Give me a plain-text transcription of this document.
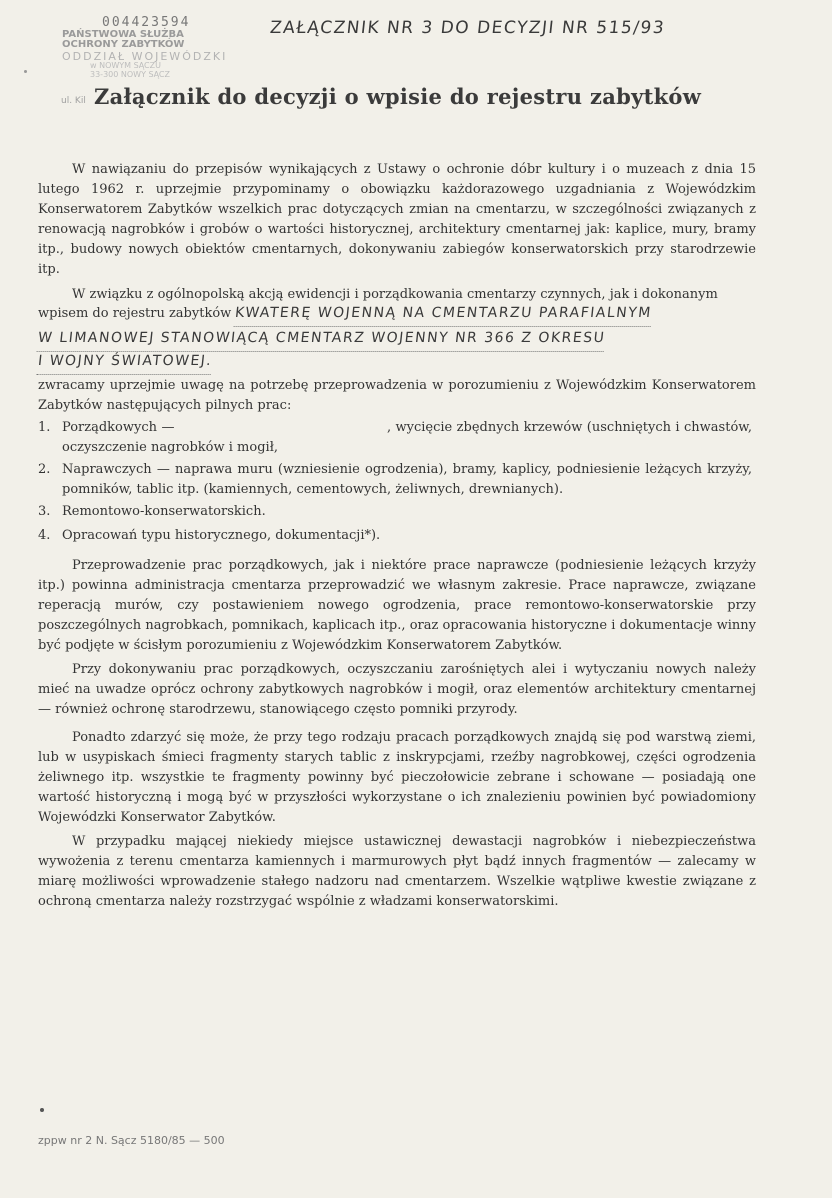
004423594
PAŃSTWOWA SŁUŻBA OCHRONY ZABYTKÓW
ODDZIAŁ WOJEWÓDZKI
w NOWYM SĄCZU
33-300 NOWY SĄCZ
ul. Kil
ZAŁĄCZNIK NR 3 DO DECYZJI NR 515/93
Załącznik do decyzji o wpisie do rejestru zabytków

W nawiązaniu do przepisów wynikających z Ustawy o ochronie dóbr kultury i o muzeach z dnia 15 lutego 1962 r. uprzejmie przypominamy o obowiązku każdorazowego uzgadniania z Wojewódzkim Konserwatorem Zabytków wszelkich prac dotyczących zmian na cmentarzu, w szczególności związanych z renowacją nagrobków i grobów o wartości historycznej, architektury cmentarnej jak: kaplice, mury, bramy itp., budowy nowych obiektów cmentarnych, dokonywaniu zabiegów konserwatorskich przy starodrzewie itp.

W związku z ogólnopolską akcją ewidencji i porządkowania cmentarzy czynnych, jak i dokonanym

wpisem do rejestru zabytków KWATERĘ WOJENNĄ NA CMENTARZU PARAFIALNYM
W LIMANOWEJ STANOWIĄCĄ CMENTARZ WOJENNY NR 366 Z OKRESU
I WOJNY ŚWIATOWEJ.

zwracamy uprzejmie uwagę na potrzebę przeprowadzenia w porozumieniu z Wojewódzkim Konserwatorem Zabytków następujących pilnych prac:

1. Porządkowych —                                                , wycięcie zbędnych krzewów (uschniętych i chwastów, oczyszczenie nagrobków i mogił,
2. Naprawczych — naprawa muru (wzniesienie ogrodzenia), bramy, kaplicy, podniesienie leżących krzyży, pomników, tablic itp. (kamiennych, cementowych, żeliwnych, drewnianych).
3. Remontowo-konserwatorskich.
4. Opracowań typu historycznego, dokumentacji*).

Przeprowadzenie prac porządkowych, jak i niektóre prace naprawcze (podniesienie leżących krzyży itp.) powinna administracja cmentarza przeprowadzić we własnym zakresie. Prace naprawcze, związane reperacją murów, czy postawieniem nowego ogrodzenia, prace remontowo-konserwatorskie przy poszczególnych nagrobkach, pomnikach, kaplicach itp., oraz opracowania historyczne i dokumentacje winny być podjęte w ścisłym porozumieniu z Wojewódzkim Konserwatorem Zabytków.

Przy dokonywaniu prac porządkowych, oczyszczaniu zarośniętych alei i wytyczaniu nowych należy mieć na uwadze oprócz ochrony zabytkowych nagrobków i mogił, oraz elementów architektury cmentarnej — również ochronę starodrzewu, stanowiącego często pomniki przyrody.

Ponadto zdarzyć się może, że przy tego rodzaju pracach porządkowych znajdą się pod warstwą ziemi, lub w usypiskach śmieci fragmenty starych tablic z inskrypcjami, rzeźby nagrobkowej, części ogrodzenia żeliwnego itp. wszystkie te fragmenty powinny być pieczołowicie zebrane i schowane — posiadają one wartość historyczną i mogą być w przyszłości wykorzystane o ich znalezieniu powinien być powiadomiony Wojewódzki Konserwator Zabytków.

W przypadku mającej niekiedy miejsce ustawicznej dewastacji nagrobków i niebezpieczeństwa wywożenia z terenu cmentarza kamiennych i marmurowych płyt bądź innych fragmentów — zalecamy w miarę możliwości wprowadzenie stałego nadzoru nad cmentarzem. Wszelkie wątpliwe kwestie związane z ochroną cmentarza należy rozstrzygać wspólnie z władzami konserwatorskimi.

zppw nr 2 N. Sącz 5180/85 — 500
